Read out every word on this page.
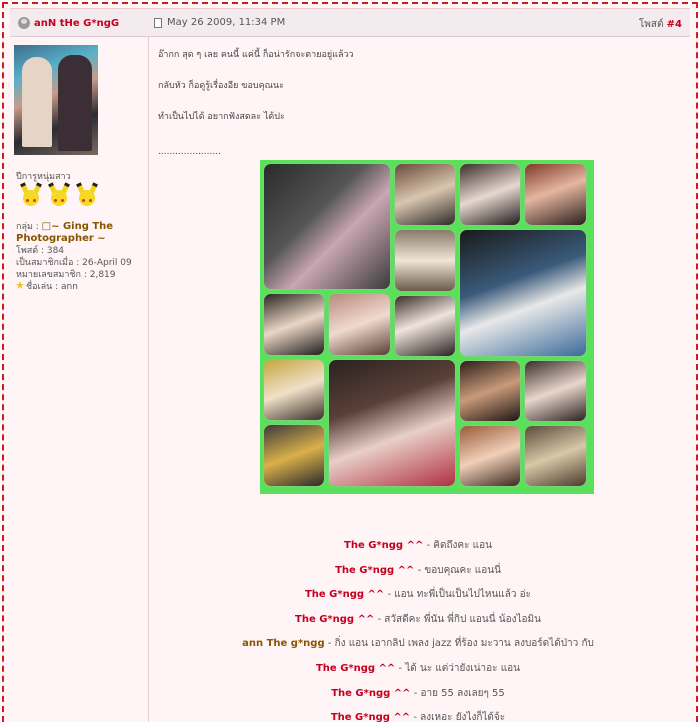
anN tHe G*ngG	May 26 2009, 11:34 PM	โพสต์ #4
ปีการูหนุ่มสาว
กลุ่ม : □~ Ging The Photographer ~
โพสต์ : 384
เป็นสมาชิกเมื่อ : 26-April 09
หมายเลขสมาชิก : 2,819
ชื่อเล่น : ann

อ๊ากก สุด ๆ เลย คนนี้ แค่นี้ ก็อน่ารักจะตายอยู่แล้วว

กลับหัว ก็อดูรู้เรื่องอีย ขอบคุณนะ

ทำเป็นไปได้ อยากฟังสดละ ได้ปะ

......................
The G*ngg ^^ - คิดถึงคะ แอน
The G*ngg ^^ - ขอบคุณคะ แอนนี่
The G*ngg ^^ - แอน ทะพี่เป็นเป็นไปไหนแล้ว อ่ะ
The G*ngg ^^ - สวัสดีคะ พี่นัน พี่กิป แอนนี่ น้องไอมิน
ann The g*ngg - กิ่ง แอน เอากลิป เพลง jazz ที่ร้อง มะวาน ลงบอร์ดได้ป่าว กับ
The G*ngg ^^ - ได้ นะ แต่ว่ายังเน่าอะ แอน
The G*ngg ^^ - อาย 55 ลงเลยๆ 55
The G*ngg ^^ - ลงเหอะ ยังไงก็ได้จ้ะ
